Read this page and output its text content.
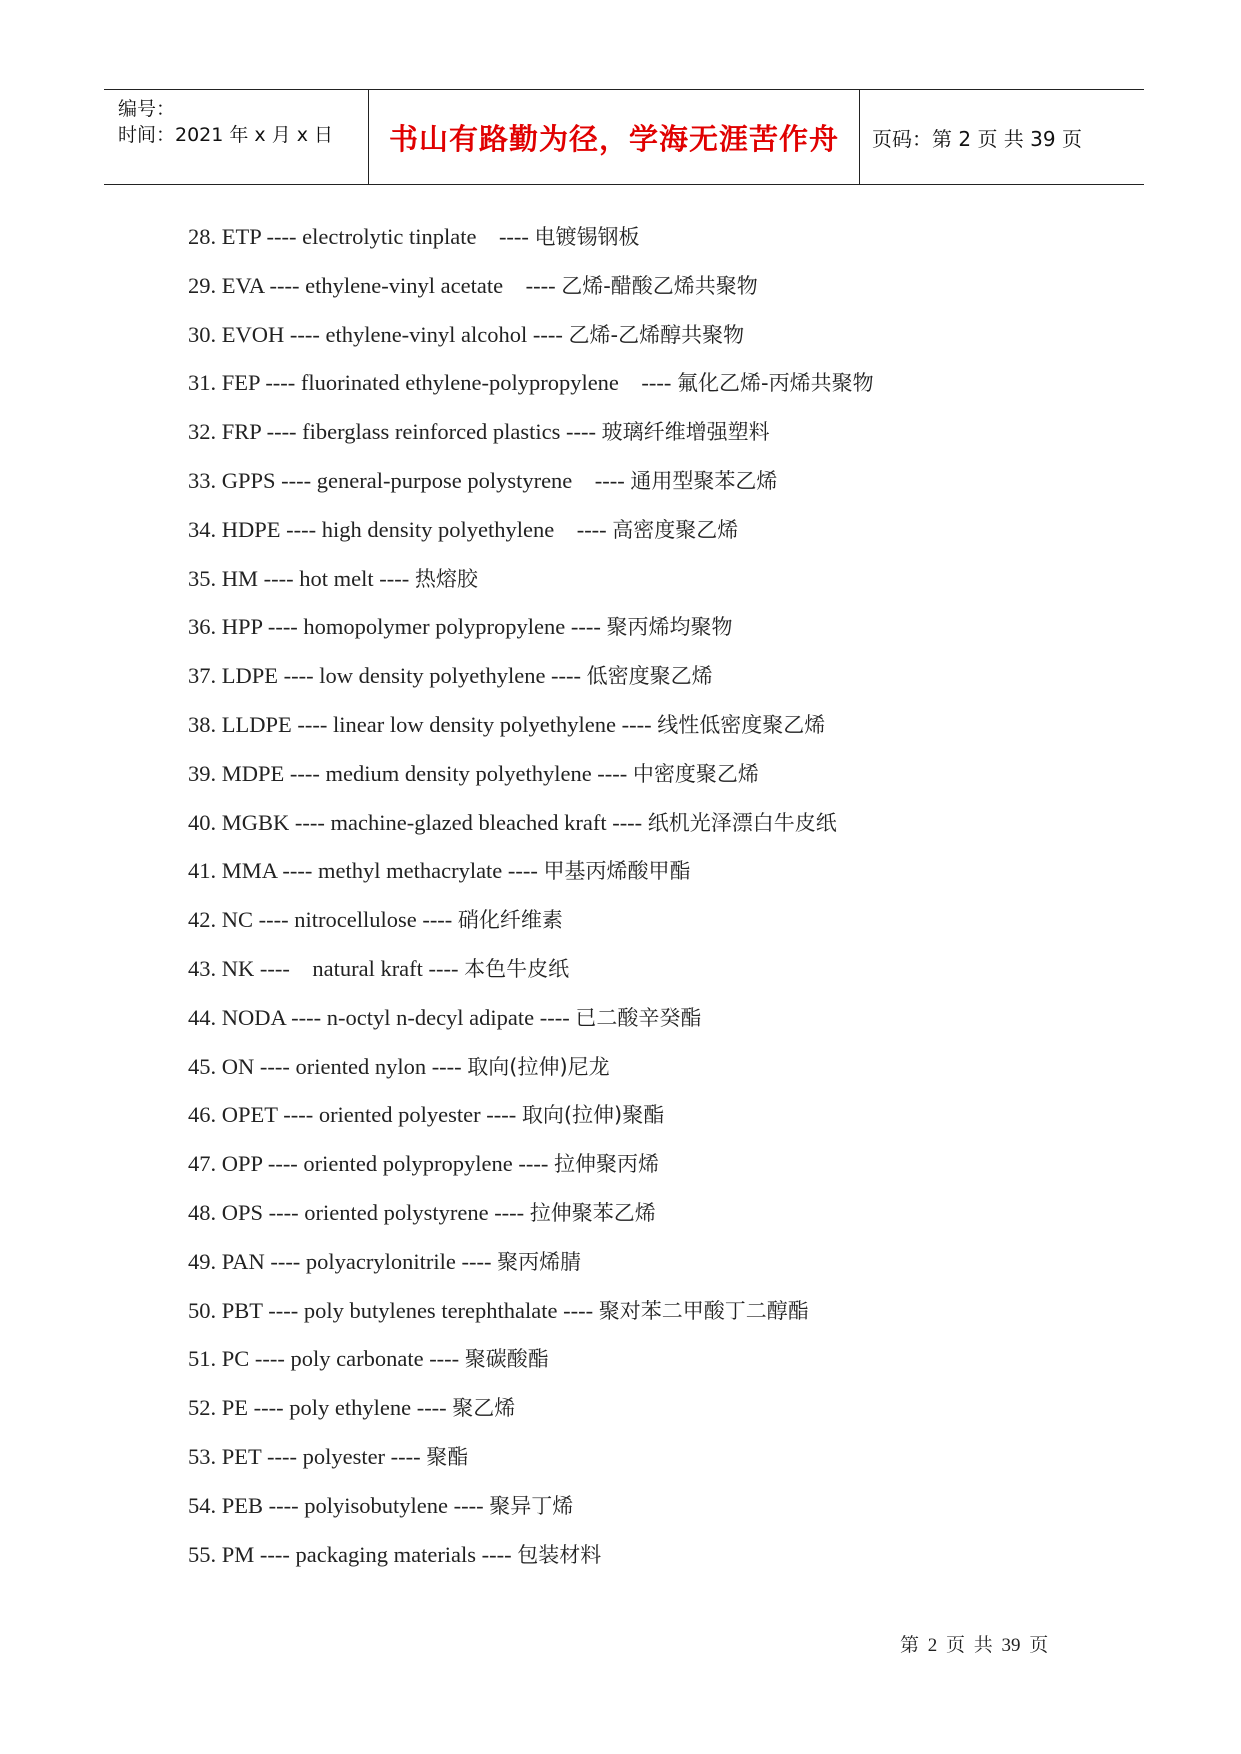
编号：
时间：2021 年 x 月 x 日	书山有路勤为径，学海无涯苦作舟	页码：第 2 页 共 39 页
28. ETP ---- electrolytic tinplate    ---- 电镀锡钢板
29. EVA ---- ethylene-vinyl acetate    ---- 乙烯-醋酸乙烯共聚物
30. EVOH ---- ethylene-vinyl alcohol ---- 乙烯-乙烯醇共聚物
31. FEP ---- fluorinated ethylene-polypropylene    ---- 氟化乙烯-丙烯共聚物
32. FRP ---- fiberglass reinforced plastics ---- 玻璃纤维增强塑料
33. GPPS ---- general-purpose polystyrene    ---- 通用型聚苯乙烯
34. HDPE ---- high density polyethylene    ---- 高密度聚乙烯
35. HM ---- hot melt ---- 热熔胶
36. HPP ---- homopolymer polypropylene ---- 聚丙烯均聚物
37. LDPE ---- low density polyethylene ---- 低密度聚乙烯
38. LLDPE ---- linear low density polyethylene ---- 线性低密度聚乙烯
39. MDPE ---- medium density polyethylene ---- 中密度聚乙烯
40. MGBK ---- machine-glazed bleached kraft ---- 纸机光泽漂白牛皮纸
41. MMA ---- methyl methacrylate ---- 甲基丙烯酸甲酯
42. NC ---- nitrocellulose ---- 硝化纤维素
43. NK ----    natural kraft ---- 本色牛皮纸
44. NODA ---- n-octyl n-decyl adipate ---- 已二酸辛癸酯
45. ON ---- oriented nylon ---- 取向(拉伸)尼龙
46. OPET ---- oriented polyester ---- 取向(拉伸)聚酯
47. OPP ---- oriented polypropylene ---- 拉伸聚丙烯
48. OPS ---- oriented polystyrene ---- 拉伸聚苯乙烯
49. PAN ---- polyacrylonitrile ---- 聚丙烯腈
50. PBT ---- poly butylenes terephthalate ---- 聚对苯二甲酸丁二醇酯
51. PC ---- poly carbonate ---- 聚碳酸酯
52. PE ---- poly ethylene ---- 聚乙烯
53. PET ---- polyester ---- 聚酯
54. PEB ---- polyisobutylene ---- 聚异丁烯
55. PM ---- packaging materials ---- 包装材料
第 2 页 共 39 页
